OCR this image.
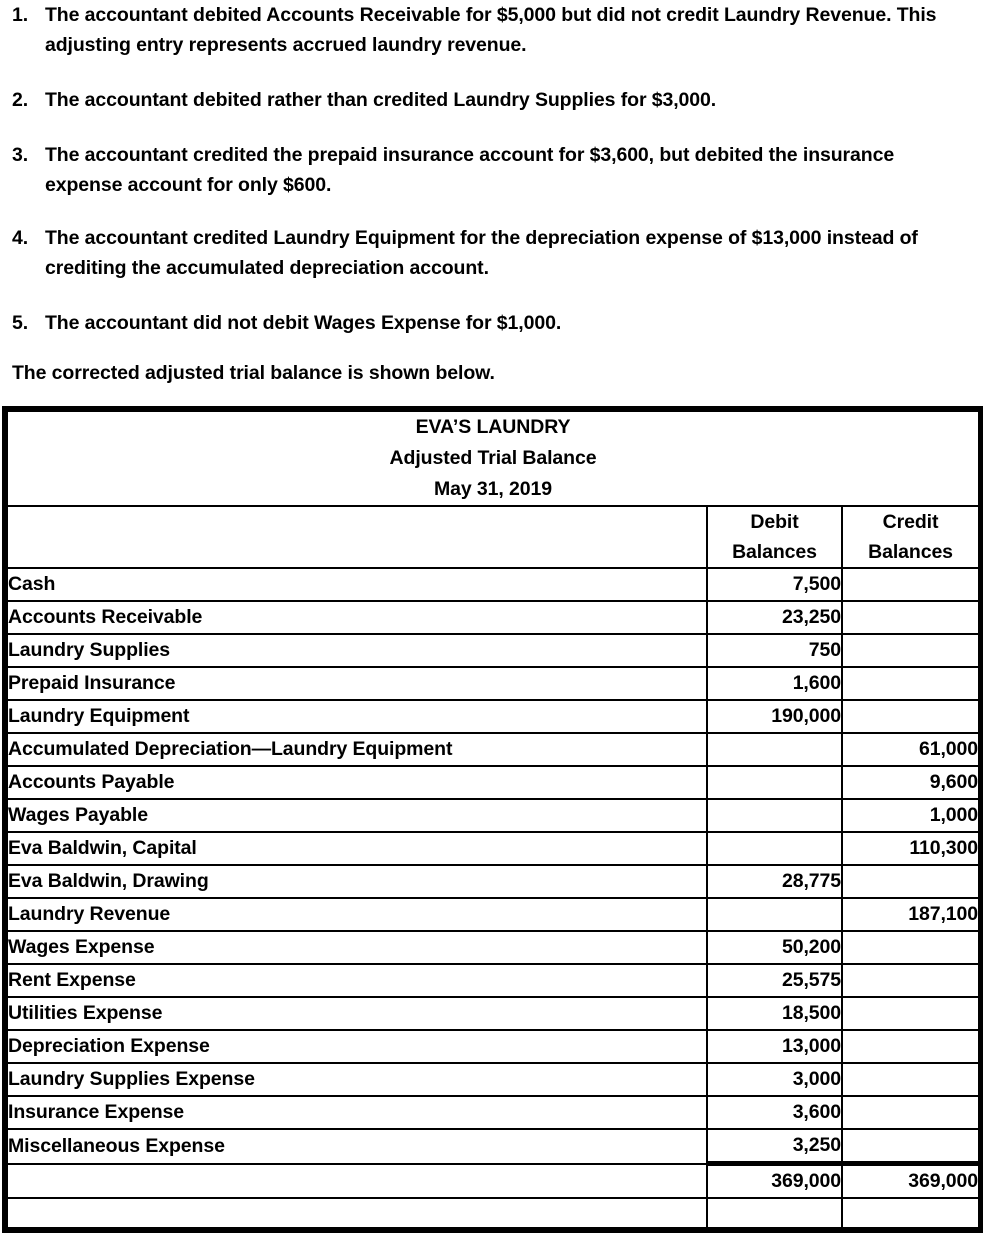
1. The accountant debited Accounts Receivable for $5,000 but did not credit Laundry Revenue. This adjusting entry represents accrued laundry revenue.
2. The accountant debited rather than credited Laundry Supplies for $3,000.
3. The accountant credited the prepaid insurance account for $3,600, but debited the insurance expense account for only $600.
4. The accountant credited Laundry Equipment for the depreciation expense of $13,000 instead of crediting the accumulated depreciation account.
5. The accountant did not debit Wages Expense for $1,000.
The corrected adjusted trial balance is shown below.
EVA’S LAUNDRY
Adjusted Trial Balance
May 31, 2019		

Debit
Balances

Credit
Balances

Cash	7,500	
Accounts Receivable	23,250	
Laundry Supplies	750	
Prepaid Insurance	1,600	
Laundry Equipment	190,000	
Accumulated Depreciation—Laundry Equipment		61,000
Accounts Payable		9,600
Wages Payable		1,000
Eva Baldwin, Capital		110,300
Eva Baldwin, Drawing	28,775	
Laundry Revenue		187,100
Wages Expense	50,200	
Rent Expense	25,575	
Utilities Expense	18,500	
Depreciation Expense	13,000	
Laundry Supplies Expense	3,000	
Insurance Expense	3,600	
Miscellaneous Expense	3,250	
	369,000	369,000
